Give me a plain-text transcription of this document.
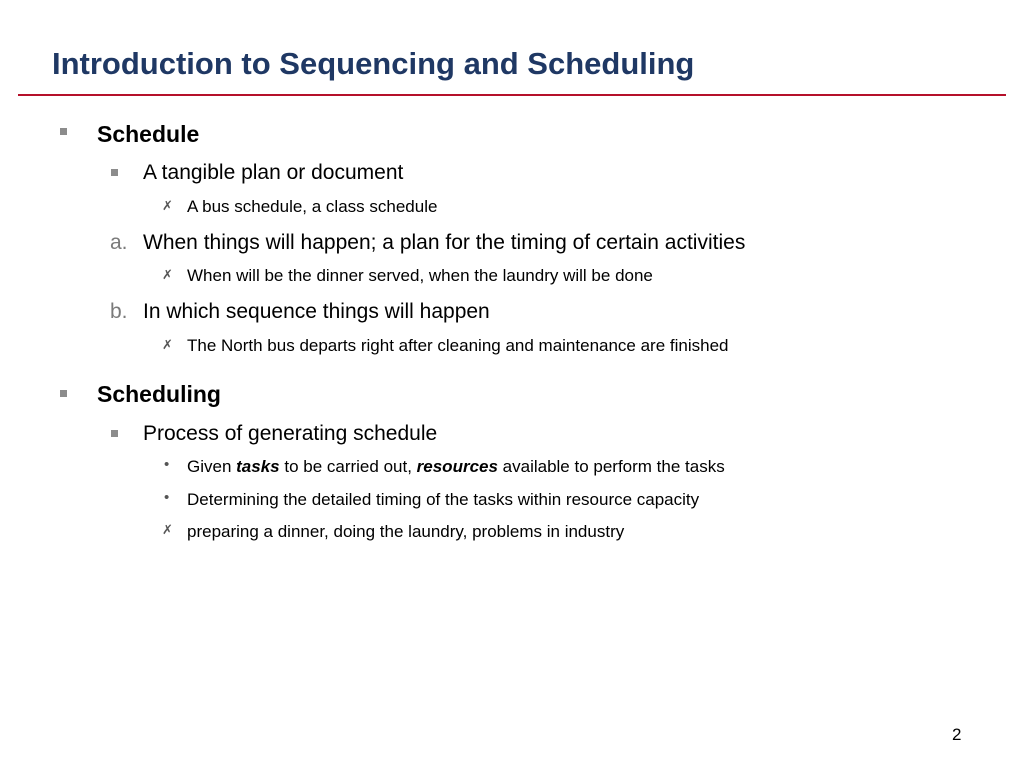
Introduction to Sequencing and Scheduling
Schedule
A tangible plan or document
✗ A bus schedule, a class schedule
a. When things will happen; a plan for the timing of certain activities
✗ When will be the dinner served, when the laundry will be done
b. In which sequence things will happen
✗ The North bus departs right after cleaning and maintenance are finished
Scheduling
Process of generating schedule
• Given tasks to be carried out, resources available to perform the tasks
• Determining the detailed timing of the tasks within resource capacity
✗ preparing a dinner, doing the laundry, problems in industry
2
